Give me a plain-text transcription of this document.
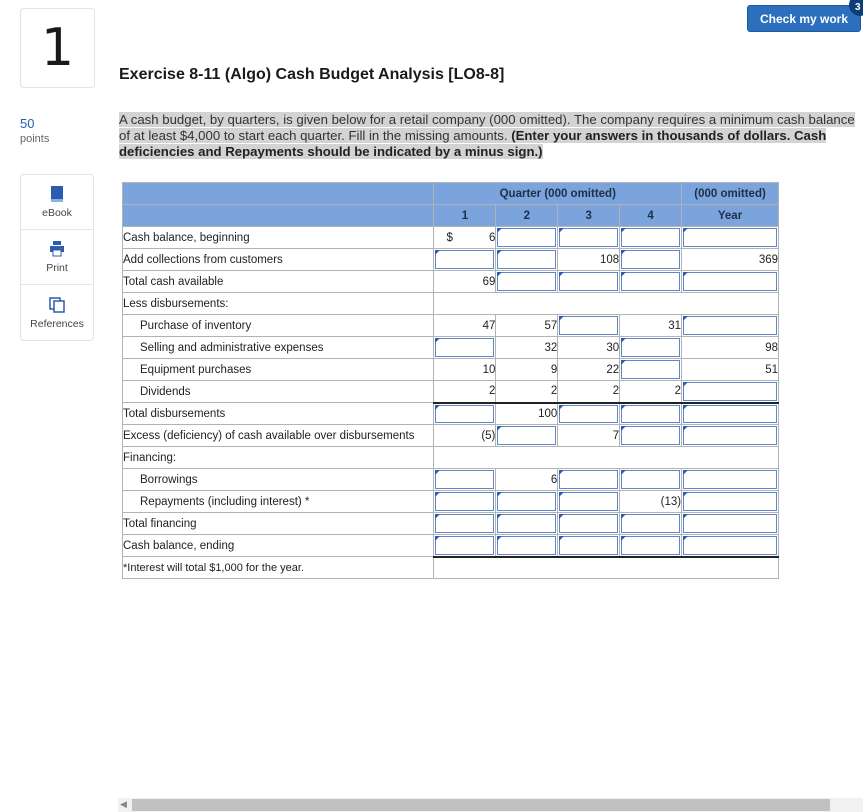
1
50
points
Exercise 8-11 (Algo) Cash Budget Analysis [LO8-8]
Check my work
3
A cash budget, by quarters, is given below for a retail company (000 omitted). The company requires a minimum cash balance of at least $4,000 to start each quarter. Fill in the missing amounts. (Enter your answers in thousands of dollars. Cash deficiencies and Repayments should be indicated by a minus sign.)
eBook
Print
References
	Quarter (000 omitted)				(000 omitted)
	1	2	3	4	Year
Cash balance, beginning	$ 6	

Add collections from customers			108		369
Total cash available	69	

Less disbursements:					
Purchase of inventory	47	57		31	

Selling and administrative expenses		32	30		98
Equipment purchases	10	9	22		51
Dividends	2	2	2	2	

Total disbursements		100	

Excess (deficiency) of cash available over disbursements	(5)		7	

Financing:					
Borrowings		6	

Repayments (including interest) *				(13)	

Total financing	

Cash balance, ending	

*Interest will total $1,000 for the year.					
◀
